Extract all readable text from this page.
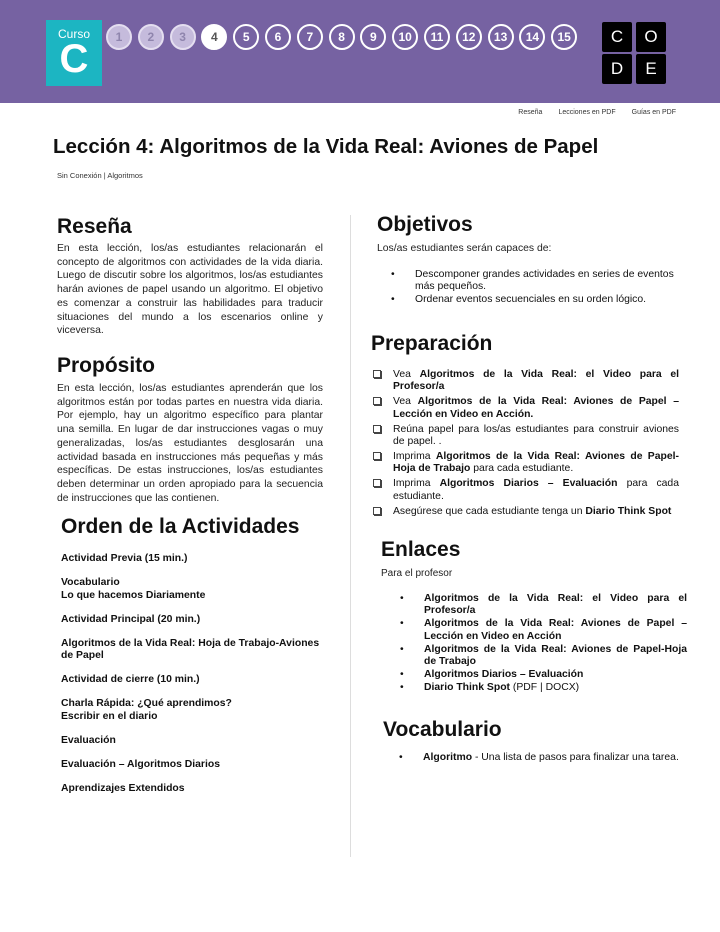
Curso
C	1	2	3	4	5	6	7	8	9	10	11	12	13	14	15	C	O
D	E
Reseña Lecciones en PDF Guías en PDF
Lección 4: Algoritmos de la Vida Real: Aviones de Papel
Sin Conexión | Algoritmos
Reseña

En esta lección, los/as estudiantes relacionarán el concepto de algoritmos con actividades de la vida diaria. Luego de discutir sobre los algoritmos, los/as estudiantes harán aviones de papel usando un algoritmo. El objetivo es comenzar a construir las habilidades para traducir situaciones del mundo a los escenarios online y viceversa.

Propósito

En esta lección, los/as estudiantes aprenderán que los algoritmos están por todas partes en nuestra vida diaria. Por ejemplo, hay un algoritmo específico para plantar una semilla. En lugar de dar instrucciones vagas o muy generalizadas, los/as estudiantes desglosarán una actividad basada en instrucciones más pequeñas y más específicas. De estas instrucciones, los/as estudiantes deben determinar un orden apropiado para la secuencia de instrucciones que las contienen.

Orden de la Actividades
Actividad Previa (15 min.)
Vocabulario
Lo que hacemos Diariamente
Actividad Principal (20 min.)
Algoritmos de la Vida Real: Hoja de Trabajo-Aviones de Papel
Actividad de cierre (10 min.)
Charla Rápida: ¿Qué aprendimos?
Escribir en el diario
Evaluación
Evaluación – Algoritmos Diarios
Aprendizajes Extendidos
Objetivos

Los/as estudiantes serán capaces de:

• Descomponer grandes actividades en series de eventos más pequeños.
• Ordenar eventos secuenciales en su orden lógico.
Preparación
Vea Algoritmos de la Vida Real: el Video para el Profesor/a
Vea Algoritmos de la Vida Real: Aviones de Papel – Lección en Video en Acción.
Reúna papel para los/as estudiantes para construir aviones de papel. .
Imprima Algoritmos de la Vida Real: Aviones de Papel-Hoja de Trabajo para cada estudiante.
Imprima Algoritmos Diarios – Evaluación para cada estudiante.
Asegúrese que cada estudiante tenga un Diario Think Spot
Enlaces

Para el profesor

• Algoritmos de la Vida Real: el Video para el Profesor/a
• Algoritmos de la Vida Real: Aviones de Papel – Lección en Video en Acción
• Algoritmos de la Vida Real: Aviones de Papel-Hoja de Trabajo
• Algoritmos Diarios – Evaluación
• Diario Think Spot (PDF | DOCX)
Vocabulario
• Algoritmo - Una lista de pasos para finalizar una tarea.
